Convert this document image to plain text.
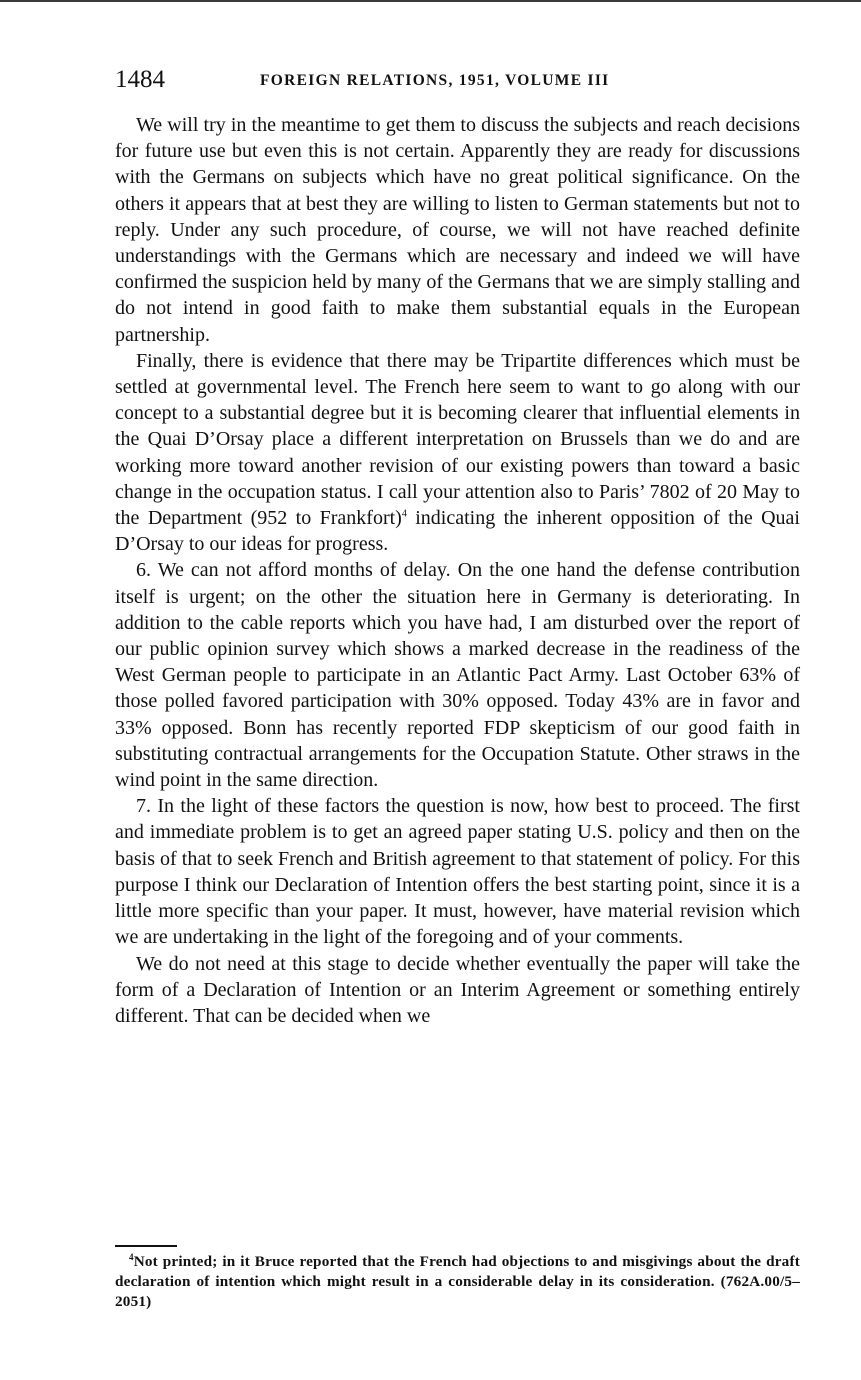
1484	FOREIGN RELATIONS, 1951, VOLUME III

We will try in the meantime to get them to discuss the subjects and reach decisions for future use but even this is not certain. Apparently they are ready for discussions with the Germans on subjects which have no great political significance. On the others it appears that at best they are willing to listen to German statements but not to reply. Under any such procedure, of course, we will not have reached definite understandings with the Germans which are necessary and indeed we will have confirmed the suspicion held by many of the Germans that we are simply stalling and do not intend in good faith to make them substantial equals in the European partnership.

Finally, there is evidence that there may be Tripartite differences which must be settled at governmental level. The French here seem to want to go along with our concept to a substantial degree but it is becoming clearer that influential elements in the Quai D’Orsay place a different interpretation on Brussels than we do and are working more toward another revision of our existing powers than toward a basic change in the occupation status. I call your attention also to Paris’ 7802 of 20 May to the Department (952 to Frankfort)$^4$ indicating the inherent opposition of the Quai D’Orsay to our ideas for progress.

6. We can not afford months of delay. On the one hand the defense contribution itself is urgent; on the other the situation here in Germany is deteriorating. In addition to the cable reports which you have had, I am disturbed over the report of our public opinion survey which shows a marked decrease in the readiness of the West German people to participate in an Atlantic Pact Army. Last October 63% of those polled favored participation with 30% opposed. Today 43% are in favor and 33% opposed. Bonn has recently reported FDP skepticism of our good faith in substituting contractual arrangements for the Occupation Statute. Other straws in the wind point in the same direction.

7. In the light of these factors the question is now, how best to proceed. The first and immediate problem is to get an agreed paper stating U.S. policy and then on the basis of that to seek French and British agreement to that statement of policy. For this purpose I think our Declaration of Intention offers the best starting point, since it is a little more specific than your paper. It must, however, have material revision which we are undertaking in the light of the foregoing and of your comments.

We do not need at this stage to decide whether eventually the paper will take the form of a Declaration of Intention or an Interim Agreement or something entirely different. That can be decided when we

$^4$Not printed; in it Bruce reported that the French had objections to and misgivings about the draft declaration of intention which might result in a considerable delay in its consideration. (762A.00/5–2051)
